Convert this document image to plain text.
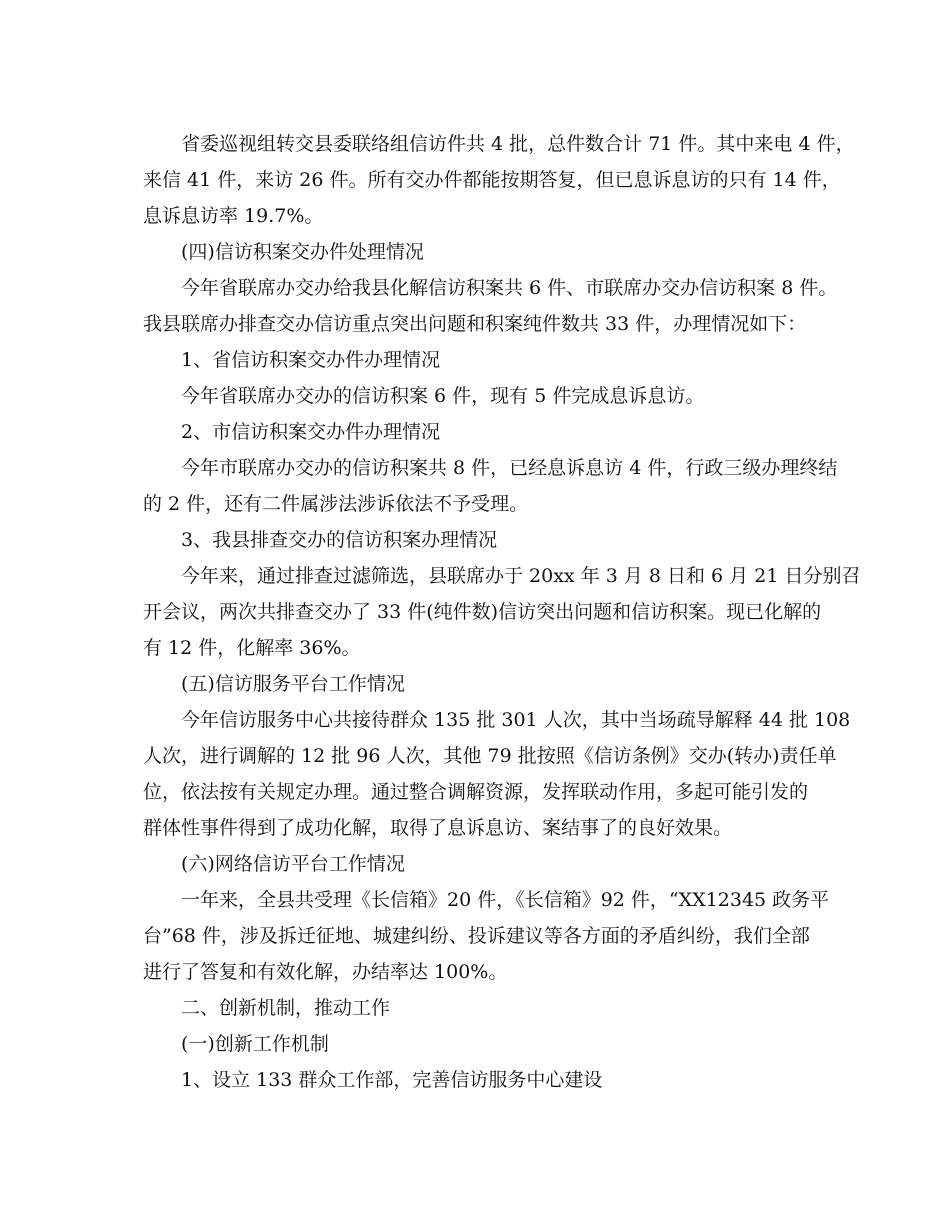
省委巡视组转交县委联络组信访件共 4 批，总件数合计 71 件。其中来电 4 件，
来信 41 件，来访 26 件。所有交办件都能按期答复，但已息诉息访的只有 14 件，
息诉息访率 19.7%。
(四)信访积案交办件处理情况
今年省联席办交办给我县化解信访积案共 6 件、市联席办交办信访积案 8 件。
我县联席办排查交办信访重点突出问题和积案纯件数共 33 件，办理情况如下：
1、省信访积案交办件办理情况
今年省联席办交办的信访积案 6 件，现有 5 件完成息诉息访。
2、市信访积案交办件办理情况
今年市联席办交办的信访积案共 8 件，已经息诉息访 4 件，行政三级办理终结
的 2 件，还有二件属涉法涉诉依法不予受理。
3、我县排查交办的信访积案办理情况
今年来，通过排查过滤筛选，县联席办于 20xx 年 3 月 8 日和 6 月 21 日分别召
开会议，两次共排查交办了 33 件(纯件数)信访突出问题和信访积案。现已化解的
有 12 件，化解率 36%。
(五)信访服务平台工作情况
今年信访服务中心共接待群众 135 批 301 人次，其中当场疏导解释 44 批 108
人次，进行调解的 12 批 96 人次，其他 79 批按照《信访条例》交办(转办)责任单
位，依法按有关规定办理。通过整合调解资源，发挥联动作用，多起可能引发的
群体性事件得到了成功化解，取得了息诉息访、案结事了的良好效果。
(六)网络信访平台工作情况
一年来，全县共受理《长信箱》20 件，《长信箱》92 件，“XX12345 政务平
台”68 件，涉及拆迁征地、城建纠纷、投诉建议等各方面的矛盾纠纷，我们全部
进行了答复和有效化解，办结率达 100%。
二、创新机制，推动工作
(一)创新工作机制
1、设立 133 群众工作部，完善信访服务中心建设
